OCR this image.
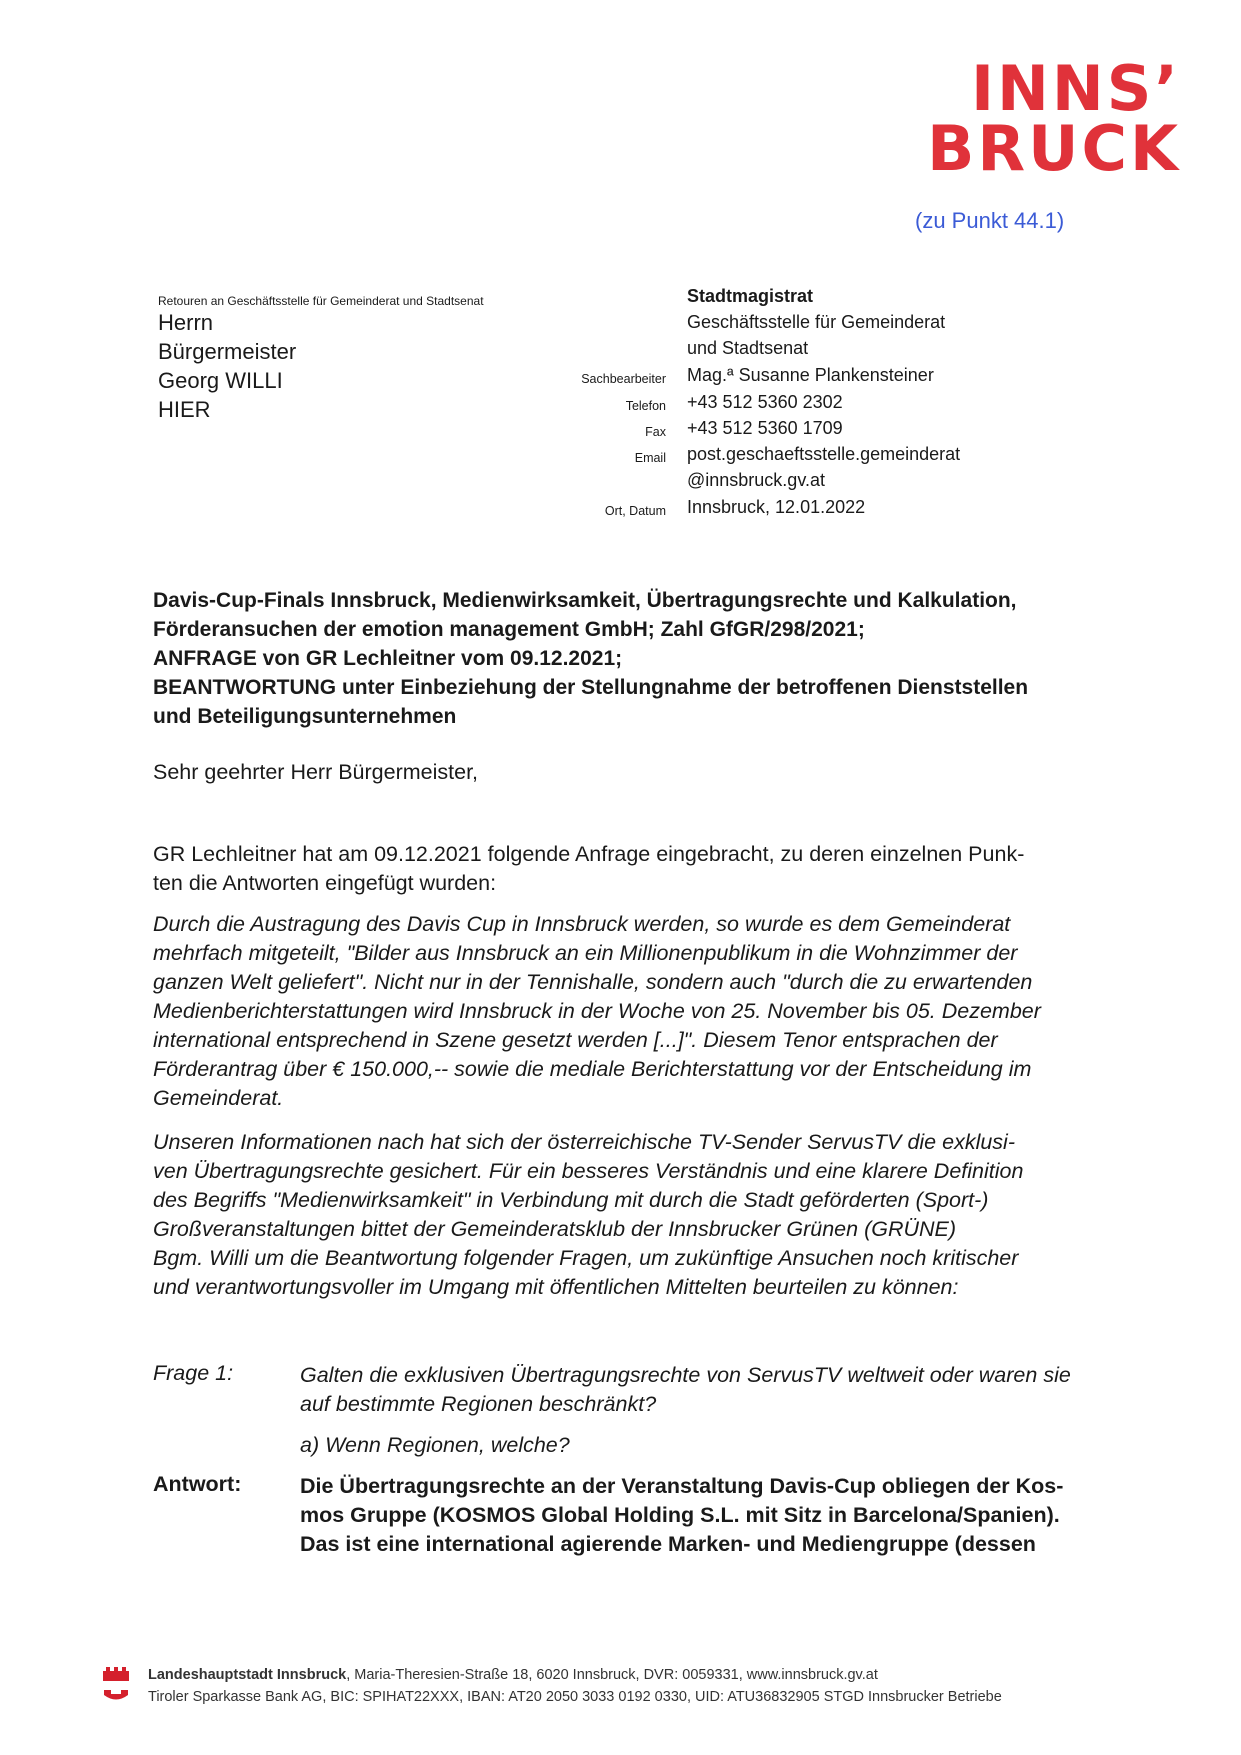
INNS’
BRUCK
(zu Punkt 44.1)
Retouren an Geschäftsstelle für Gemeinderat und Stadtsenat
Herrn
Bürgermeister
Georg WILLI
HIER
Stadtmagistrat
Geschäftsstelle für Gemeinderat
und Stadtsenat
Sachbearbeiter Mag.ª Susanne Plankensteiner
Telefon +43 512 5360 2302
Fax +43 512 5360 1709
Email post.geschaeftsstelle.gemeinderat
@innsbruck.gv.at
Ort, Datum Innsbruck, 12.01.2022
Davis-Cup-Finals Innsbruck, Medienwirksamkeit, Übertragungsrechte und Kalkulation,
Förderansuchen der emotion management GmbH; Zahl GfGR/298/2021;
ANFRAGE von GR Lechleitner vom 09.12.2021;
BEANTWORTUNG unter Einbeziehung der Stellungnahme der betroffenen Dienststellen
und Beteiligungsunternehmen
Sehr geehrter Herr Bürgermeister,
GR Lechleitner hat am 09.12.2021 folgende Anfrage eingebracht, zu deren einzelnen Punk-
ten die Antworten eingefügt wurden:
Durch die Austragung des Davis Cup in Innsbruck werden, so wurde es dem Gemeinderat
mehrfach mitgeteilt, "Bilder aus Innsbruck an ein Millionenpublikum in die Wohnzimmer der
ganzen Welt geliefert". Nicht nur in der Tennishalle, sondern auch "durch die zu erwartenden
Medienberichterstattungen wird Innsbruck in der Woche von 25. November bis 05. Dezember
international entsprechend in Szene gesetzt werden [...]". Diesem Tenor entsprachen der
Förderantrag über € 150.000,-- sowie die mediale Berichterstattung vor der Entscheidung im
Gemeinderat.
Unseren Informationen nach hat sich der österreichische TV-Sender ServusTV die exklusi-
ven Übertragungsrechte gesichert. Für ein besseres Verständnis und eine klarere Definition
des Begriffs "Medienwirksamkeit" in Verbindung mit durch die Stadt geförderten (Sport-)
Großveranstaltungen bittet der Gemeinderatsklub der Innsbrucker Grünen (GRÜNE)
Bgm. Willi um die Beantwortung folgender Fragen, um zukünftige Ansuchen noch kritischer
und verantwortungsvoller im Umgang mit öffentlichen Mittelten beurteilen zu können:
Frage 1:	Galten die exklusiven Übertragungsrechte von ServusTV weltweit oder waren sie
auf bestimmte Regionen beschränkt?
a) Wenn Regionen, welche?
Antwort:	Die Übertragungsrechte an der Veranstaltung Davis-Cup obliegen der Kos-
mos Gruppe (KOSMOS Global Holding S.L. mit Sitz in Barcelona/Spanien).
Das ist eine international agierende Marken- und Mediengruppe (dessen
Landeshauptstadt Innsbruck, Maria-Theresien-Straße 18, 6020 Innsbruck, DVR: 0059331, www.innsbruck.gv.at
Tiroler Sparkasse Bank AG, BIC: SPIHAT22XXX, IBAN: AT20 2050 3033 0192 0330, UID: ATU36832905 STGD Innsbrucker Betriebe
